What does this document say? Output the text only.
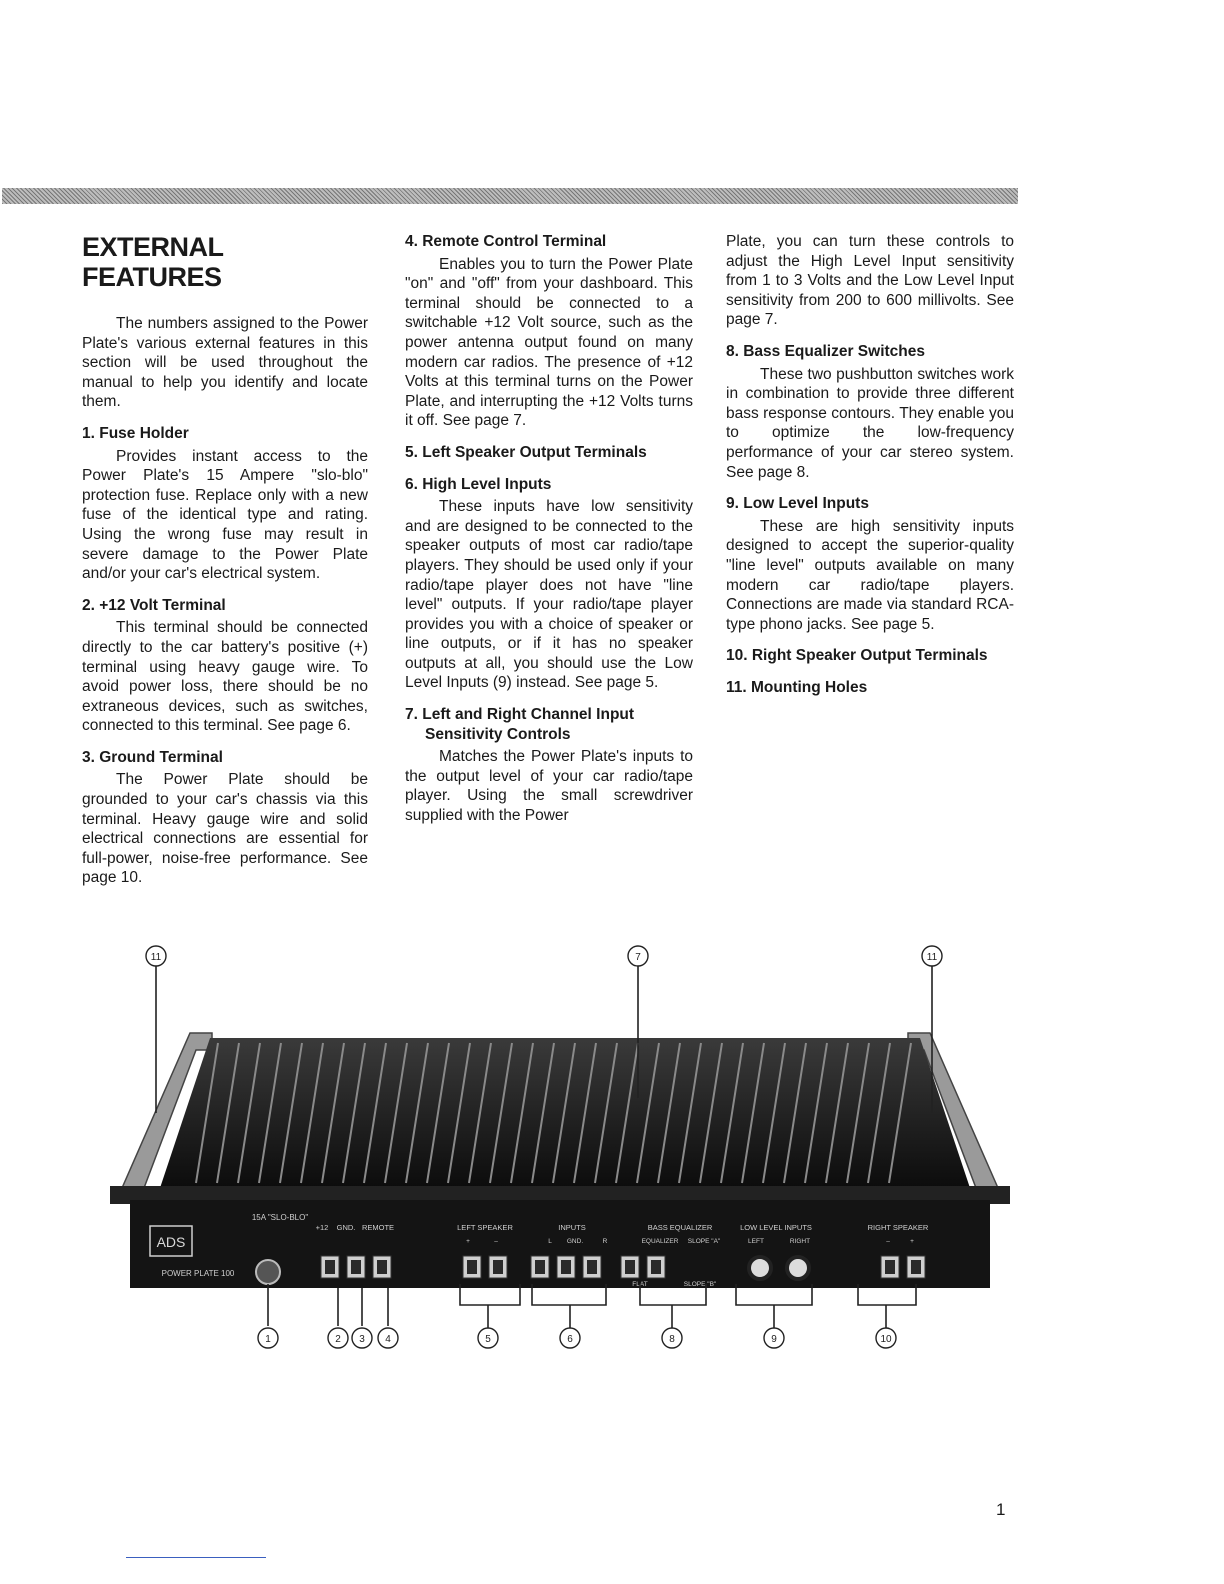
EXTERNAL FEATURES

The numbers assigned to the Power Plate's various external features in this section will be used throughout the manual to help you identify and locate them.

1. Fuse Holder

Provides instant access to the Power Plate's 15 Ampere "slo-blo" protection fuse. Replace only with a new fuse of the identical type and rating. Using the wrong fuse may result in severe damage to the Power Plate and/or your car's electrical system.

2. +12 Volt Terminal

This terminal should be connected directly to the car battery's positive (+) terminal using heavy gauge wire. To avoid power loss, there should be no extraneous devices, such as switches, connected to this terminal. See page 6.

3. Ground Terminal

The Power Plate should be grounded to your car's chassis via this terminal. Heavy gauge wire and solid electrical connections are essential for full-power, noise-free performance. See page 10.

4. Remote Control Terminal

Enables you to turn the Power Plate "on" and "off" from your dashboard. This terminal should be connected to a switchable +12 Volt source, such as the power antenna output found on many modern car radios. The presence of +12 Volts at this terminal turns on the Power Plate, and interrupting the +12 Volts turns it off. See page 7.

5. Left Speaker Output Terminals
6. High Level Inputs

These inputs have low sensitivity and are designed to be connected to the speaker outputs of most car radio/tape players. They should be used only if your radio/tape player does not have "line level" outputs. If your radio/tape player provides you with a choice of speaker or line outputs, or if it has no speaker outputs at all, you should use the Low Level Inputs (9) instead. See page 5.

7. Left and Right Channel Input Sensitivity Controls

Matches the Power Plate's inputs to the output level of your car radio/tape player. Using the small screwdriver supplied with the Power

Plate, you can turn these controls to adjust the High Level Input sensitivity from 1 to 3 Volts and the Low Level Input sensitivity from 200 to 600 millivolts. See page 7.

8. Bass Equalizer Switches

These two pushbutton switches work in combination to provide three different bass response contours. They enable you to optimize the low-frequency performance of your car stereo system. See page 8.

9. Low Level Inputs

These are high sensitivity inputs designed to accept the superior-quality "line level" outputs available on many modern car radio/tape players. Connections are made via standard RCA-type phono jacks. See page 5.

10. Right Speaker Output Terminals
11. Mounting Holes
ADS
POWER PLATE 100
15A "SLO-BLO"
+12 GND. REMOTE	LEFT SPEAKER	INPUTS	BASS EQUALIZER	LOW LEVEL INPUTS	RIGHT SPEAKER
+	–	L GND.	R	EQUALIZER SLOPE "A"
FLAT	SLOPE "B"
LEFT	RIGHT	–	+
11	7	11
1	2 3 4	5	6	8	9	10
1
